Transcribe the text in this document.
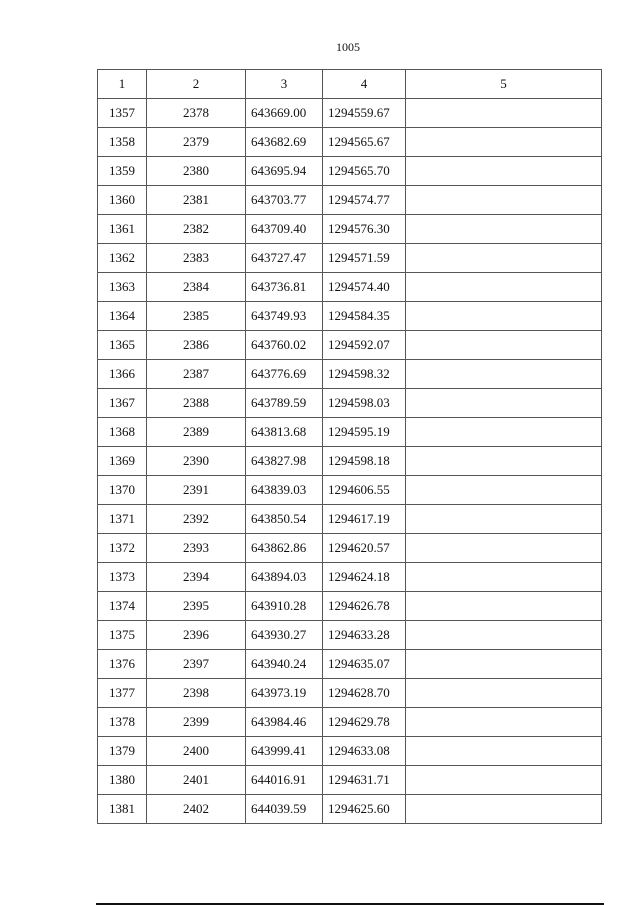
1005
1	2	3	4	5
1357	2378	643669.00	1294559.67	
1358	2379	643682.69	1294565.67	
1359	2380	643695.94	1294565.70	
1360	2381	643703.77	1294574.77	
1361	2382	643709.40	1294576.30	
1362	2383	643727.47	1294571.59	
1363	2384	643736.81	1294574.40	
1364	2385	643749.93	1294584.35	
1365	2386	643760.02	1294592.07	
1366	2387	643776.69	1294598.32	
1367	2388	643789.59	1294598.03	
1368	2389	643813.68	1294595.19	
1369	2390	643827.98	1294598.18	
1370	2391	643839.03	1294606.55	
1371	2392	643850.54	1294617.19	
1372	2393	643862.86	1294620.57	
1373	2394	643894.03	1294624.18	
1374	2395	643910.28	1294626.78	
1375	2396	643930.27	1294633.28	
1376	2397	643940.24	1294635.07	
1377	2398	643973.19	1294628.70	
1378	2399	643984.46	1294629.78	
1379	2400	643999.41	1294633.08	
1380	2401	644016.91	1294631.71	
1381	2402	644039.59	1294625.60	
